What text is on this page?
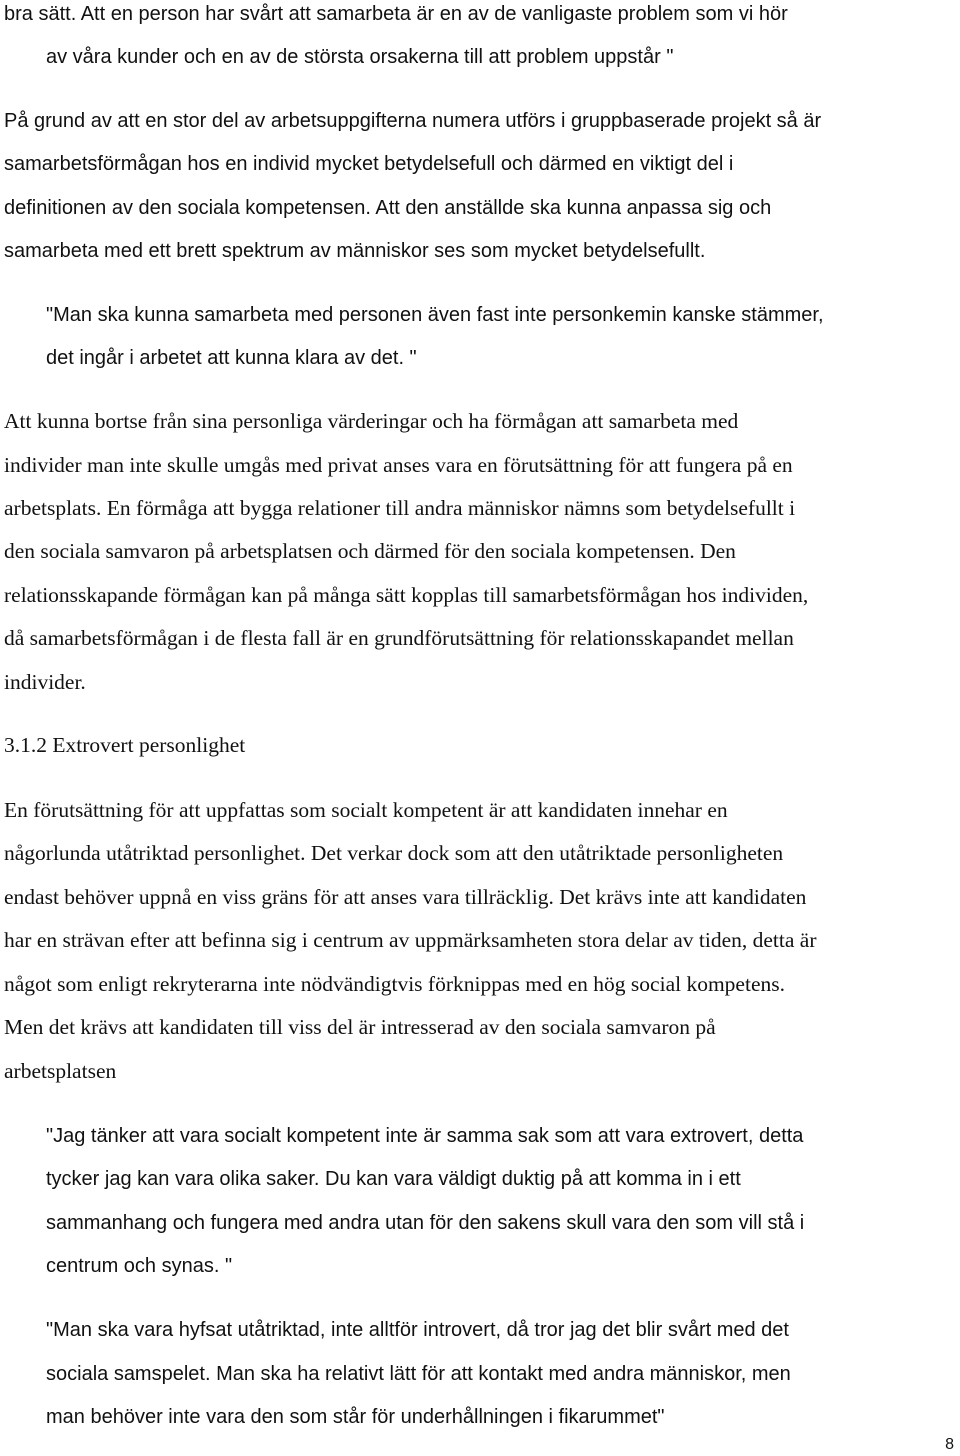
bra sätt. Att en person har svårt att samarbeta är en av de vanligaste problem som vi hör

av våra kunder och en av de största orsakerna till att problem uppstår "

På grund av att en stor del av arbetsuppgifterna numera utförs i gruppbaserade projekt så är

samarbetsförmågan hos en individ mycket betydelsefull och därmed en viktigt del i

definitionen av den sociala kompetensen. Att den anställde ska kunna anpassa sig och

samarbeta med ett brett spektrum av människor ses som mycket betydelsefullt.

"Man ska kunna samarbeta med personen även fast inte personkemin kanske stämmer,

det ingår i arbetet att kunna klara av det. "

Att kunna bortse från sina personliga värderingar och ha förmågan att samarbeta med

individer man inte skulle umgås med privat anses vara en förutsättning för att fungera på en

arbetsplats. En förmåga att bygga relationer till andra människor nämns som betydelsefullt i

den sociala samvaron på arbetsplatsen och därmed för den sociala kompetensen. Den

relationsskapande förmågan kan på många sätt kopplas till samarbetsförmågan hos individen,

då samarbetsförmågan i de flesta fall är en grundförutsättning för relationsskapandet mellan

individer.

3.1.2 Extrovert personlighet

En förutsättning för att uppfattas som socialt kompetent är att kandidaten innehar en

någorlunda utåtriktad personlighet. Det verkar dock som att den utåtriktade personligheten

endast behöver uppnå en viss gräns för att anses vara tillräcklig. Det krävs inte att kandidaten

har en strävan efter att befinna sig i centrum av uppmärksamheten stora delar av tiden, detta är

något som enligt rekryterarna inte nödvändigtvis förknippas med en hög social kompetens.

Men det krävs att kandidaten till viss del är intresserad av den sociala samvaron på

arbetsplatsen

"Jag tänker att vara socialt kompetent inte är samma sak som att vara extrovert, detta

tycker jag kan vara olika saker. Du kan vara väldigt duktig på att komma in i ett

sammanhang och fungera med andra utan för den sakens skull vara den som vill stå i

centrum och synas. "

"Man ska vara hyfsat utåtriktad, inte alltför introvert, då tror jag det blir svårt med det

sociala samspelet. Man ska ha relativt lätt för att kontakt med andra människor, men

man behöver inte vara den som står för underhållningen i fikarummet"

8
